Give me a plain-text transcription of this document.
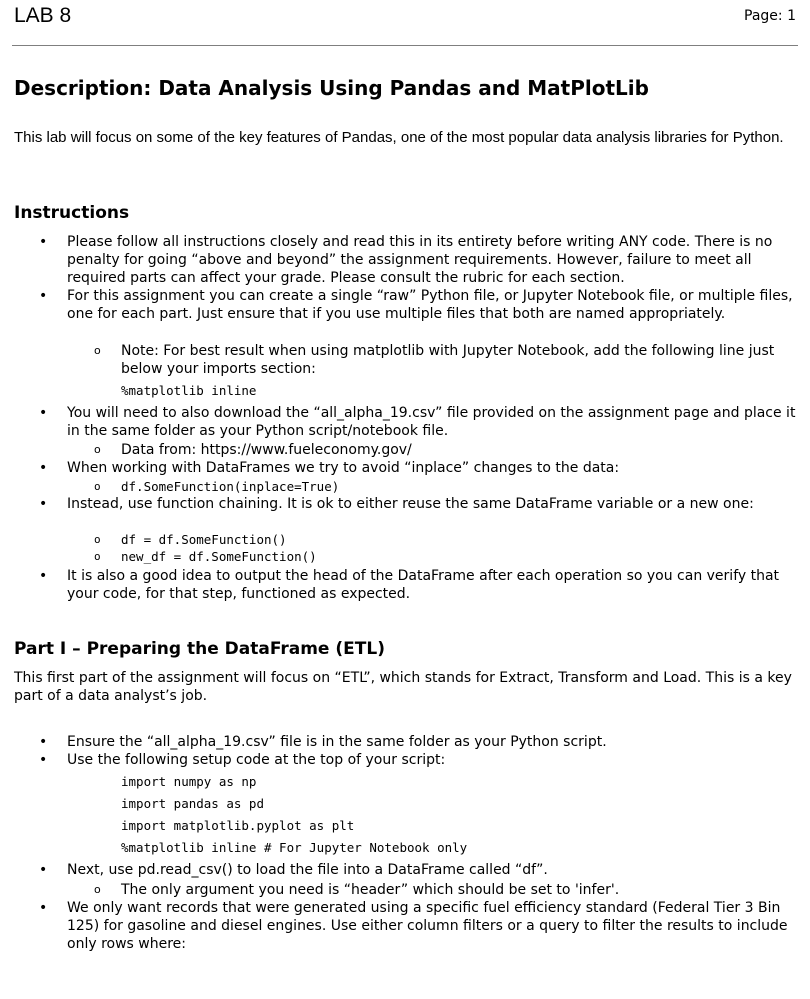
LAB 8	Page: 1
Description: Data Analysis Using Pandas and MatPlotLib

This lab will focus on some of the key features of Pandas, one of the most popular data analysis libraries for Python.

Instructions
• Please follow all instructions closely and read this in its entirety before writing ANY code. There is no penalty for going “above and beyond” the assignment requirements. However, failure to meet all required parts can affect your grade. Please consult the rubric for each section.
• For this assignment you can create a single “raw” Python file, or Jupyter Notebook file, or multiple files, one for each part. Just ensure that if you use multiple files that both are named appropriately.
o Note: For best result when using matplotlib with Jupyter Notebook, add the following line just below your imports section:
%matplotlib inline
• You will need to also download the “all_alpha_19.csv” file provided on the assignment page and place it in the same folder as your Python script/notebook file.
o Data from: https://www.fueleconomy.gov/
• When working with DataFrames we try to avoid “inplace” changes to the data:
o df.SomeFunction(inplace=True)
• Instead, use function chaining. It is ok to either reuse the same DataFrame variable or a new one:
o df = df.SomeFunction()
o new_df = df.SomeFunction()
• It is also a good idea to output the head of the DataFrame after each operation so you can verify that your code, for that step, functioned as expected.
Part I – Preparing the DataFrame (ETL)
This first part of the assignment will focus on “ETL”, which stands for Extract, Transform and Load. This is a key part of a data analyst’s job.
• Ensure the “all_alpha_19.csv” file is in the same folder as your Python script.
• Use the following setup code at the top of your script:
import numpy as np
import pandas as pd
import matplotlib.pyplot as plt
%matplotlib inline # For Jupyter Notebook only
• Next, use pd.read_csv() to load the file into a DataFrame called “df”.
o The only argument you need is “header” which should be set to 'infer'.
• We only want records that were generated using a specific fuel efficiency standard (Federal Tier 3 Bin 125) for gasoline and diesel engines. Use either column filters or a query to filter the results to include only rows where:
